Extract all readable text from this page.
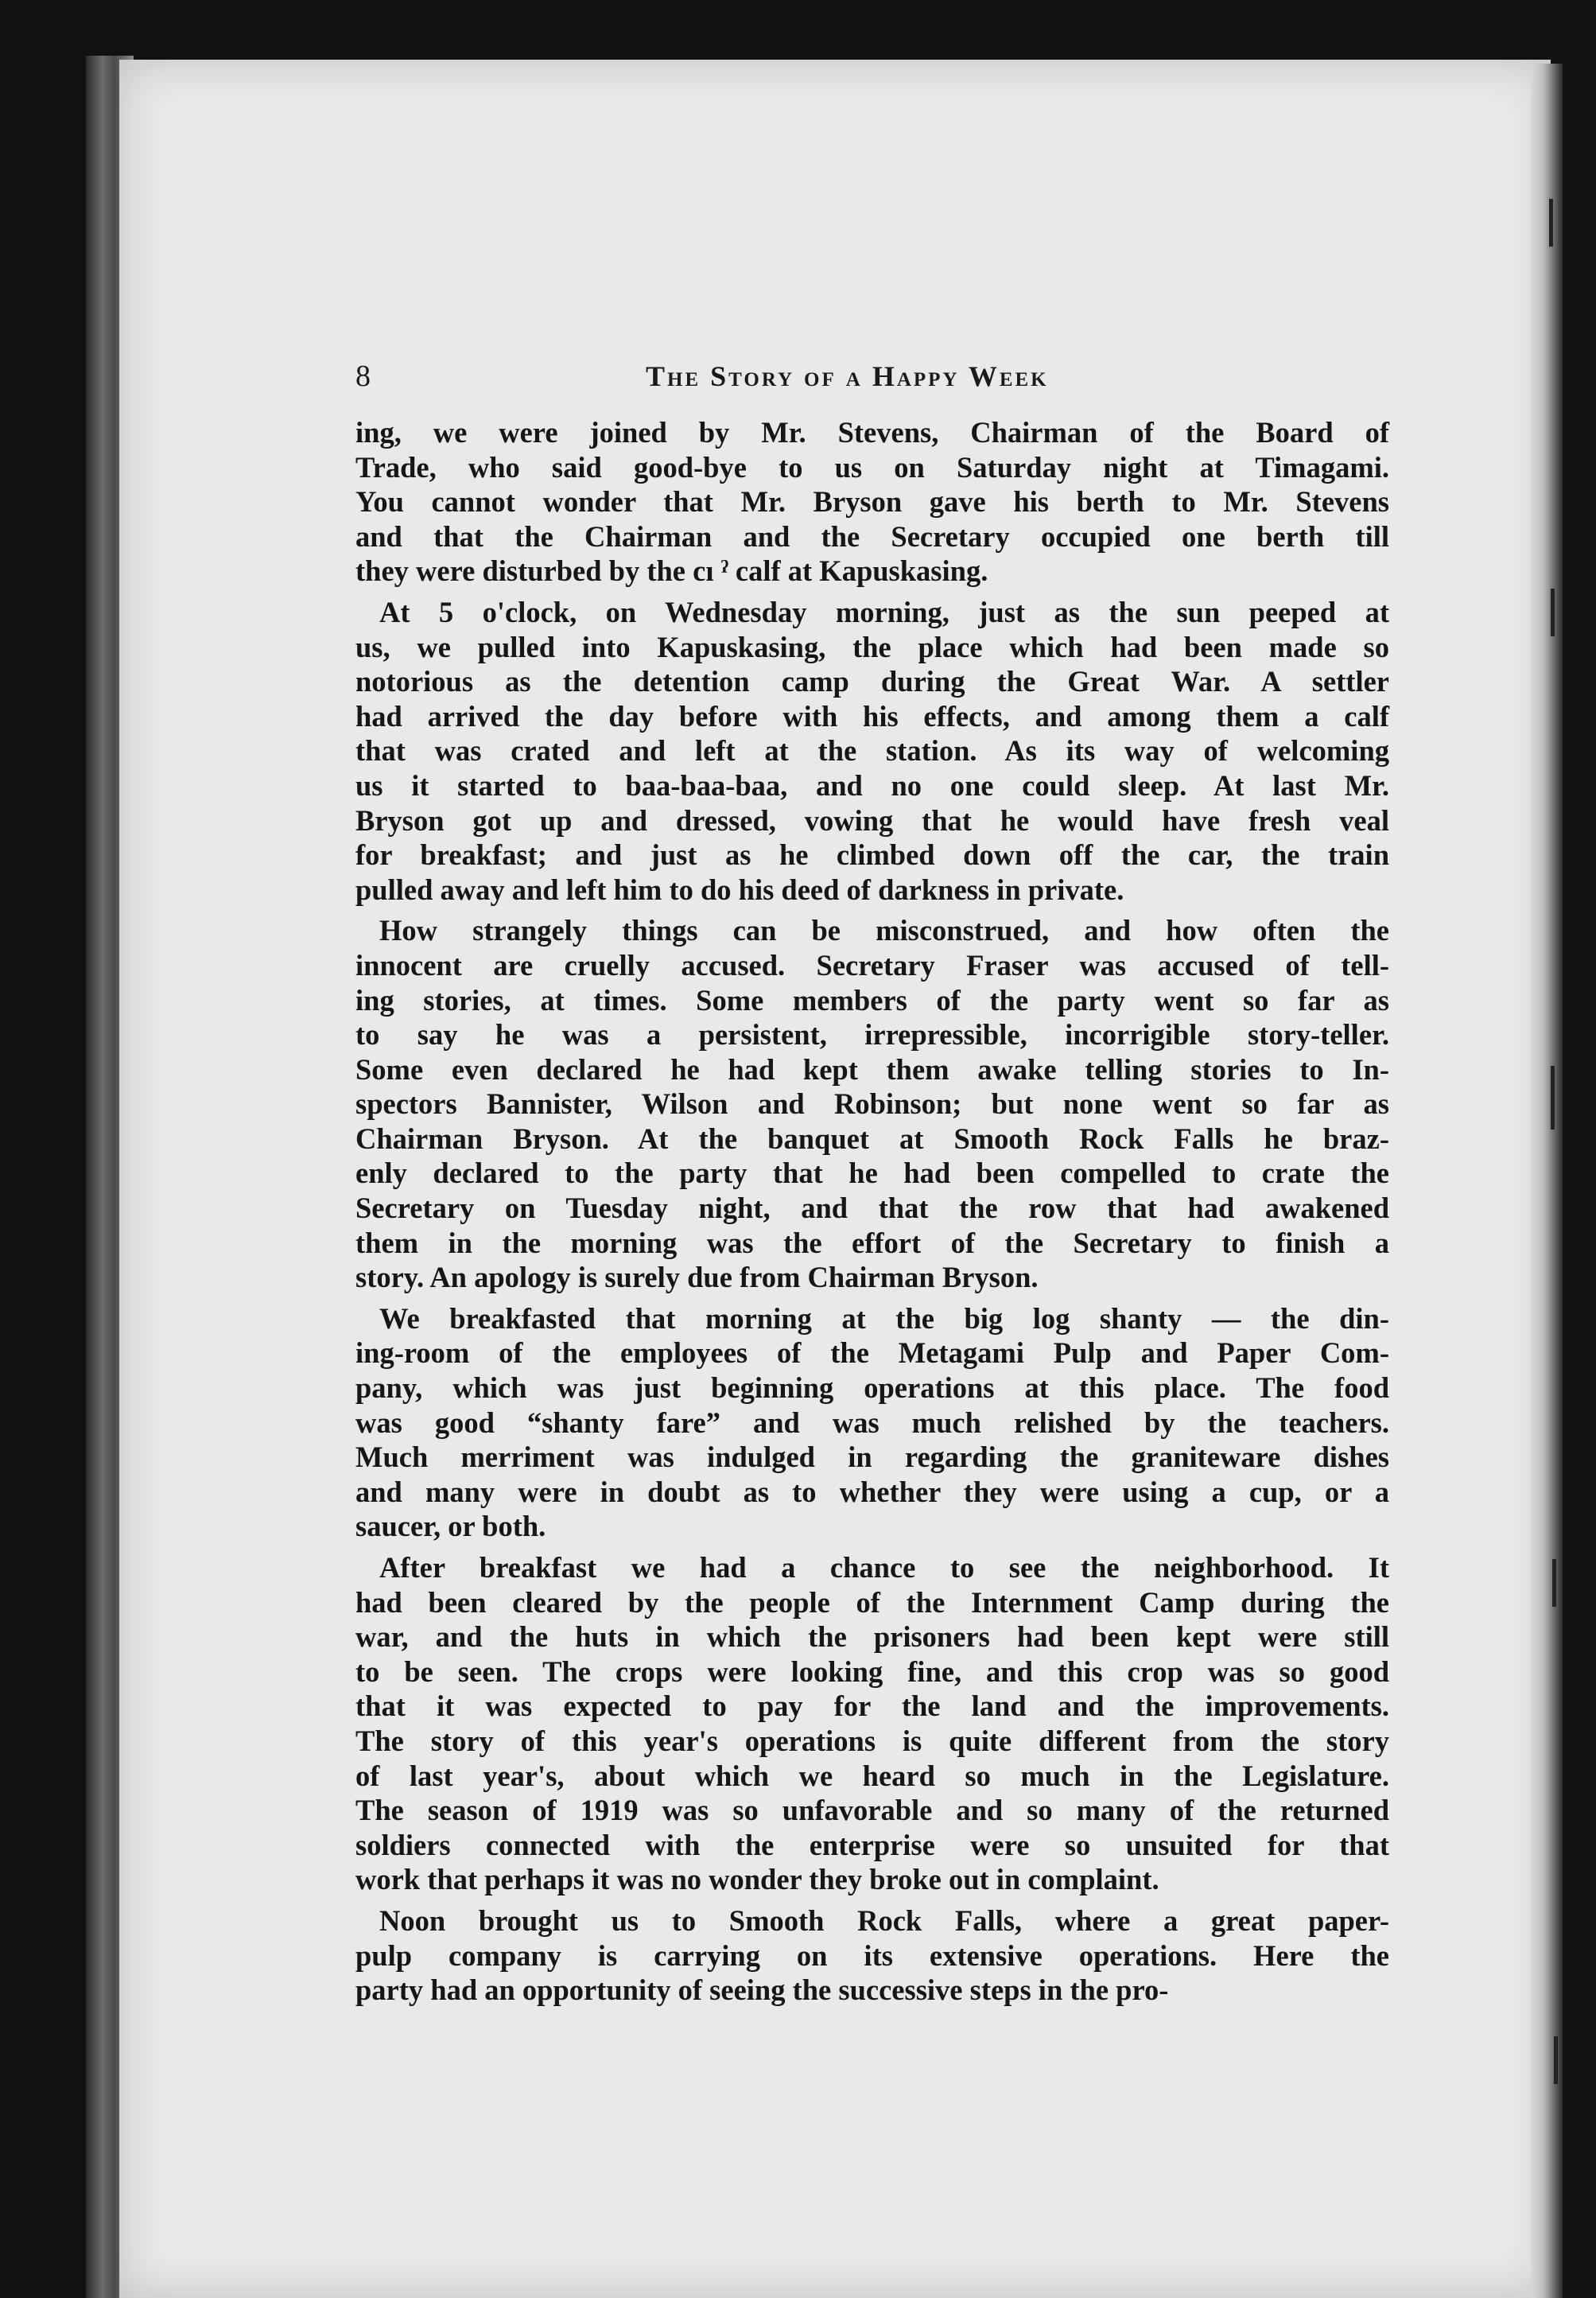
8	The Story of a Happy Week
ing, we were joined by Mr. Stevens, Chairman of the Board of
Trade, who said good-bye to us on Saturday night at Timagami.
You cannot wonder that Mr. Bryson gave his berth to Mr. Stevens
and that the Chairman and the Secretary occupied one berth till
they were disturbed by the cı ˀ calf at Kapuskasing.
At 5 o'clock, on Wednesday morning, just as the sun peeped at
us, we pulled into Kapuskasing, the place which had been made so
notorious as the detention camp during the Great War. A settler
had arrived the day before with his effects, and among them a calf
that was crated and left at the station. As its way of welcoming
us it started to baa-baa-baa, and no one could sleep. At last Mr.
Bryson got up and dressed, vowing that he would have fresh veal
for breakfast; and just as he climbed down off the car, the train
pulled away and left him to do his deed of darkness in private.
How strangely things can be misconstrued, and how often the
innocent are cruelly accused. Secretary Fraser was accused of tell-
ing stories, at times. Some members of the party went so far as
to say he was a persistent, irrepressible, incorrigible story-teller.
Some even declared he had kept them awake telling stories to In-
spectors Bannister, Wilson and Robinson; but none went so far as
Chairman Bryson. At the banquet at Smooth Rock Falls he braz-
enly declared to the party that he had been compelled to crate the
Secretary on Tuesday night, and that the row that had awakened
them in the morning was the effort of the Secretary to finish a
story. An apology is surely due from Chairman Bryson.
We breakfasted that morning at the big log shanty — the din-
ing-room of the employees of the Metagami Pulp and Paper Com-
pany, which was just beginning operations at this place. The food
was good “shanty fare” and was much relished by the teachers.
Much merriment was indulged in regarding the graniteware dishes
and many were in doubt as to whether they were using a cup, or a
saucer, or both.
After breakfast we had a chance to see the neighborhood. It
had been cleared by the people of the Internment Camp during the
war, and the huts in which the prisoners had been kept were still
to be seen. The crops were looking fine, and this crop was so good
that it was expected to pay for the land and the improvements.
The story of this year's operations is quite different from the story
of last year's, about which we heard so much in the Legislature.
The season of 1919 was so unfavorable and so many of the returned
soldiers connected with the enterprise were so unsuited for that
work that perhaps it was no wonder they broke out in complaint.
Noon brought us to Smooth Rock Falls, where a great paper-
pulp company is carrying on its extensive operations. Here the
party had an opportunity of seeing the successive steps in the pro-
